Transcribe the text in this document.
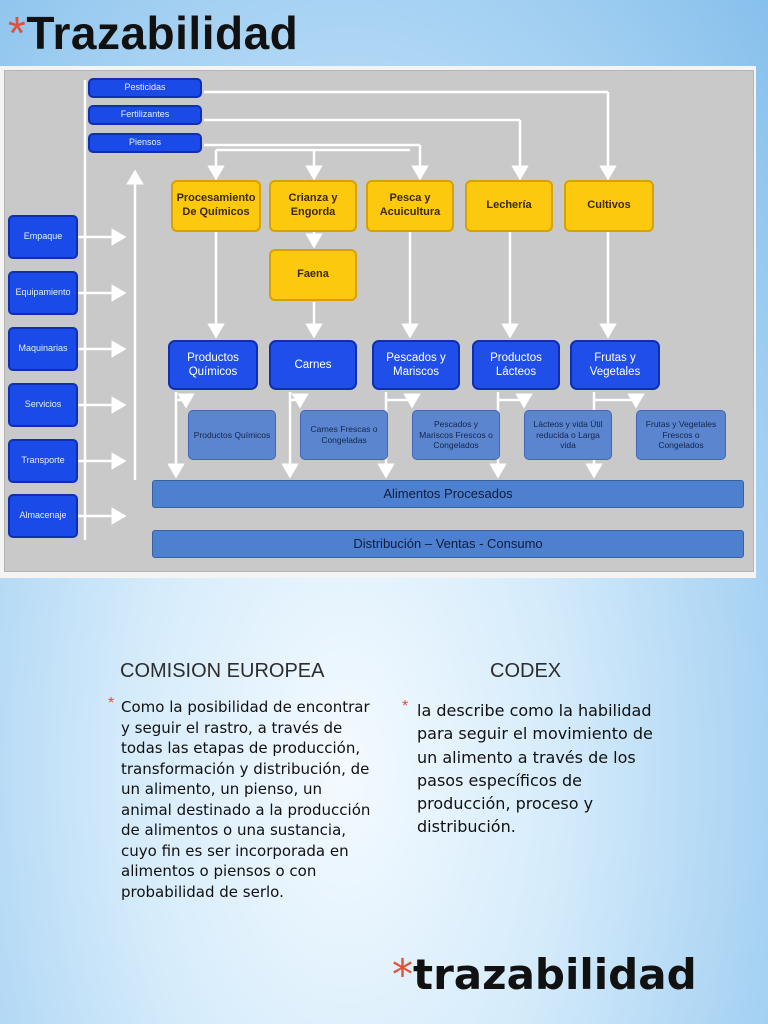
*Trazabilidad
Pesticidas
Fertilizantes
Piensos
Empaque
Equipamiento
Maquinarias
Servicios
Transporte
Almacenaje
Procesamiento De Químicos
Crianza y Engorda
Pesca y Acuicultura
Lechería	Cultivos
Faena
Productos Químicos
Carnes
Pescados y Mariscos
Productos Lácteos
Frutas y Vegetales
Productos Químicos
Carnes Frescas o Congeladas
Pescados y Mariscos Frescos o Congelados
Lácteos y vida Útil reducida o Larga vida
Frutas y Vegetales Frescos o Congelados
Alimentos Procesados
Distribución – Ventas - Consumo
COMISION EUROPEA	CODEX
* Como la posibilidad de encontrar y seguir el rastro, a través de todas las etapas de producción, transformación y distribución, de un alimento, un pienso, un animal destinado a la producción de alimentos o una sustancia, cuyo fin es ser incorporada en alimentos o piensos o con probabilidad de serlo.
* la describe como la habilidad para seguir el movimiento de un alimento a través de los pasos específicos de producción, proceso y distribución.
*trazabilidad
